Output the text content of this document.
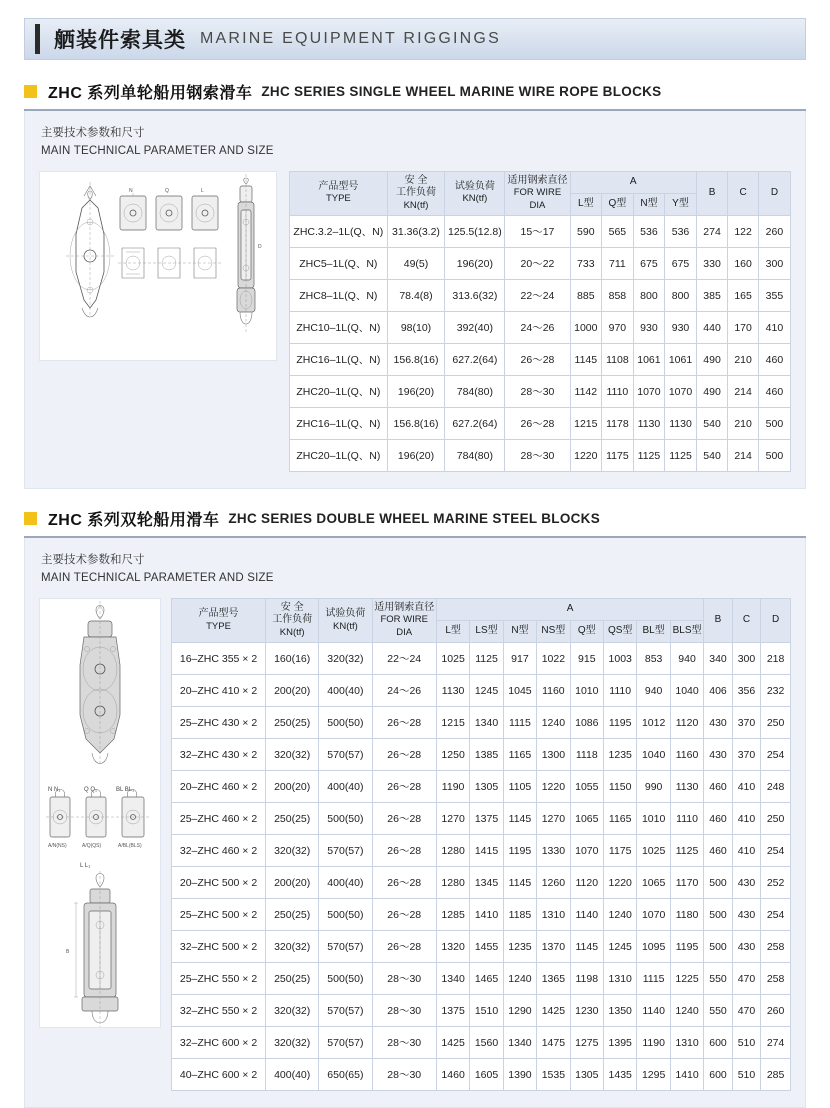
舾装件索具类 MARINE EQUIPMENT RIGGINGS
ZHC 系列单轮船用钢索滑车 ZHC SERIES SINGLE WHEEL MARINE WIRE ROPE BLOCKS
主要技术参数和尺寸
MAIN TECHNICAL PARAMETER AND SIZE
N	Q	L
D
产品型号
TYPE	安 全
工作负荷
KN(tf)	试验负荷
KN(tf)	适用钢索直径
FOR WIRE DIA	A				B	C	D
				L型	Q型	N型	Y型			
ZHC.3.2–1L(Q、N)	31.36(3.2)	125.5(12.8)	15～17	590	565	536	536	274	122	260
ZHC5–1L(Q、N)	49(5)	196(20)	20～22	733	711	675	675	330	160	300
ZHC8–1L(Q、N)	78.4(8)	313.6(32)	22～24	885	858	800	800	385	165	355
ZHC10–1L(Q、N)	98(10)	392(40)	24～26	1000	970	930	930	440	170	410
ZHC16–1L(Q、N)	156.8(16)	627.2(64)	26～28	1145	1108	1061	1061	490	210	460
ZHC20–1L(Q、N)	196(20)	784(80)	28～30	1142	1110	1070	1070	490	214	460
ZHC16–1L(Q、N)	156.8(16)	627.2(64)	26～28	1215	1178	1130	1130	540	210	500
ZHC20–1L(Q、N)	196(20)	784(80)	28～30	1220	1175	1125	1125	540	214	500
ZHC 系列双轮船用滑车 ZHC SERIES DOUBLE WHEEL MARINE STEEL BLOCKS
主要技术参数和尺寸
MAIN TECHNICAL PARAMETER AND SIZE
N N₁	Q Q₁	BL BL₁
A/N(NS)	A/Q(QS)	A/BL(BLS)
L L₁
B
产品型号
TYPE	安 全
工作负荷
KN(tf)	试验负荷
KN(tf)	适用钢索直径
FOR WIRE DIA	A								B	C	D
				L型	LS型	N型	NS型	Q型	QS型	BL型	BLS型			
16–ZHC 355 × 2	160(16)	320(32)	22～24	1025	1125	917	1022	915	1003	853	940	340	300	218
20–ZHC 410 × 2	200(20)	400(40)	24～26	1130	1245	1045	1160	1010	1110	940	1040	406	356	232
25–ZHC 430 × 2	250(25)	500(50)	26～28	1215	1340	1115	1240	1086	1195	1012	1120	430	370	250
32–ZHC 430 × 2	320(32)	570(57)	26～28	1250	1385	1165	1300	1118	1235	1040	1160	430	370	254
20–ZHC 460 × 2	200(20)	400(40)	26～28	1190	1305	1105	1220	1055	1150	990	1130	460	410	248
25–ZHC 460 × 2	250(25)	500(50)	26～28	1270	1375	1145	1270	1065	1165	1010	1110	460	410	250
32–ZHC 460 × 2	320(32)	570(57)	26～28	1280	1415	1195	1330	1070	1175	1025	1125	460	410	254
20–ZHC 500 × 2	200(20)	400(40)	26～28	1280	1345	1145	1260	1120	1220	1065	1170	500	430	252
25–ZHC 500 × 2	250(25)	500(50)	26～28	1285	1410	1185	1310	1140	1240	1070	1180	500	430	254
32–ZHC 500 × 2	320(32)	570(57)	26～28	1320	1455	1235	1370	1145	1245	1095	1195	500	430	258
25–ZHC 550 × 2	250(25)	500(50)	28～30	1340	1465	1240	1365	1198	1310	1115	1225	550	470	258
32–ZHC 550 × 2	320(32)	570(57)	28～30	1375	1510	1290	1425	1230	1350	1140	1240	550	470	260
32–ZHC 600 × 2	320(32)	570(57)	28～30	1425	1560	1340	1475	1275	1395	1190	1310	600	510	274
40–ZHC 600 × 2	400(40)	650(65)	28～30	1460	1605	1390	1535	1305	1435	1295	1410	600	510	285
